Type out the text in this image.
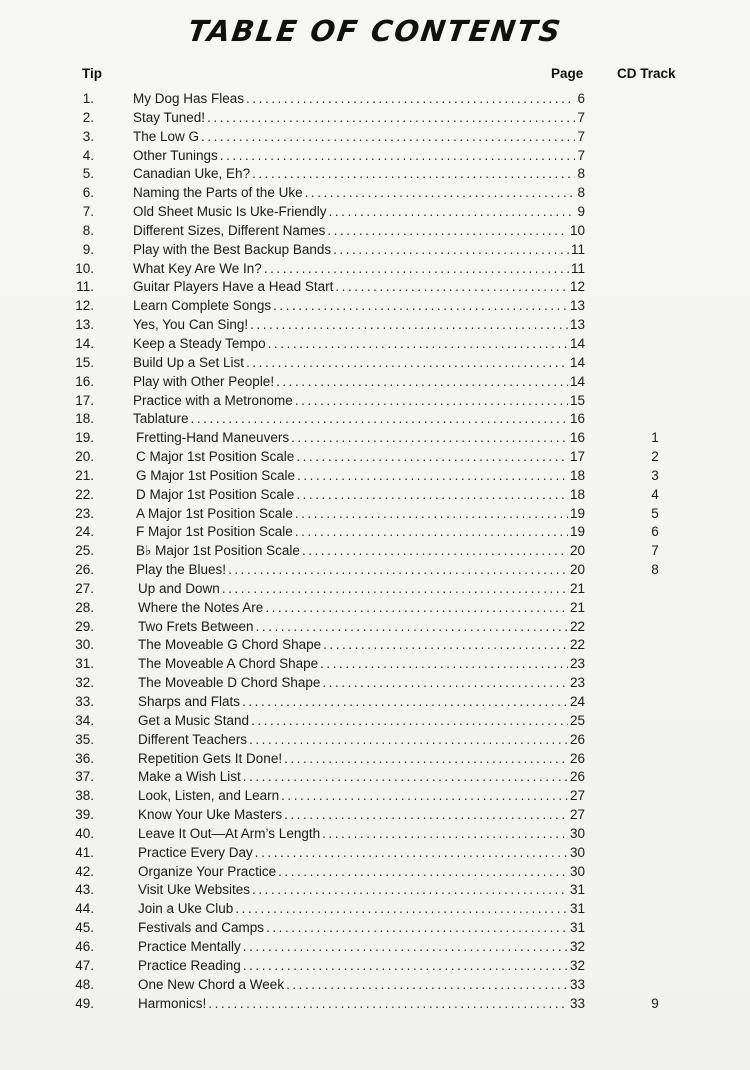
TABLE OF CONTENTS
Tip	Page CD Track
1.	My Dog Has Fleas . . .	6
2.	Stay Tuned! . . .	7
3.	The Low G . . .	7
4.	Other Tunings . . .	7
5.	Canadian Uke, Eh? . . .	8
6.	Naming the Parts of the Uke . . .	8
7.	Old Sheet Music Is Uke-Friendly . . .	9
8.	Different Sizes, Different Names . . .	10
9.	Play with the Best Backup Bands . . .	11
10.	What Key Are We In? . . .	11
11.	Guitar Players Have a Head Start . . .	12
12.	Learn Complete Songs . . .	13
13.	Yes, You Can Sing! . . .	13
14.	Keep a Steady Tempo . . .	14
15.	Build Up a Set List . . .	14
16.	Play with Other People! . . .	14
17.	Practice with a Metronome . . .	15
18.	Tablature . . .	16
19.	Fretting-Hand Maneuvers . . .	16	1
20.	C Major 1st Position Scale . . .	17	2
21.	G Major 1st Position Scale . . .	18	3
22.	D Major 1st Position Scale . . .	18	4
23.	A Major 1st Position Scale . . .	19	5
24.	F Major 1st Position Scale . . .	19	6
25.	B♭ Major 1st Position Scale . . .	20	7
26.	Play the Blues! . . .	20	8
27.	Up and Down . . .	21
28.	Where the Notes Are . . .	21
29.	Two Frets Between . . .	22
30.	The Moveable G Chord Shape . . .	22
31.	The Moveable A Chord Shape . . .	23
32.	The Moveable D Chord Shape . . .	23
33.	Sharps and Flats . . .	24
34.	Get a Music Stand . . .	25
35.	Different Teachers . . .	26
36.	Repetition Gets It Done! . . .	26
37.	Make a Wish List . . .	26
38.	Look, Listen, and Learn . . .	27
39.	Know Your Uke Masters . . .	27
40.	Leave It Out—At Arm’s Length . . .	30
41.	Practice Every Day . . .	30
42.	Organize Your Practice . . .	30
43.	Visit Uke Websites . . .	31
44.	Join a Uke Club . . .	31
45.	Festivals and Camps . . .	31
46.	Practice Mentally . . .	32
47.	Practice Reading . . .	32
48.	One New Chord a Week . . .	33
49.	Harmonics! . . .	33	9
